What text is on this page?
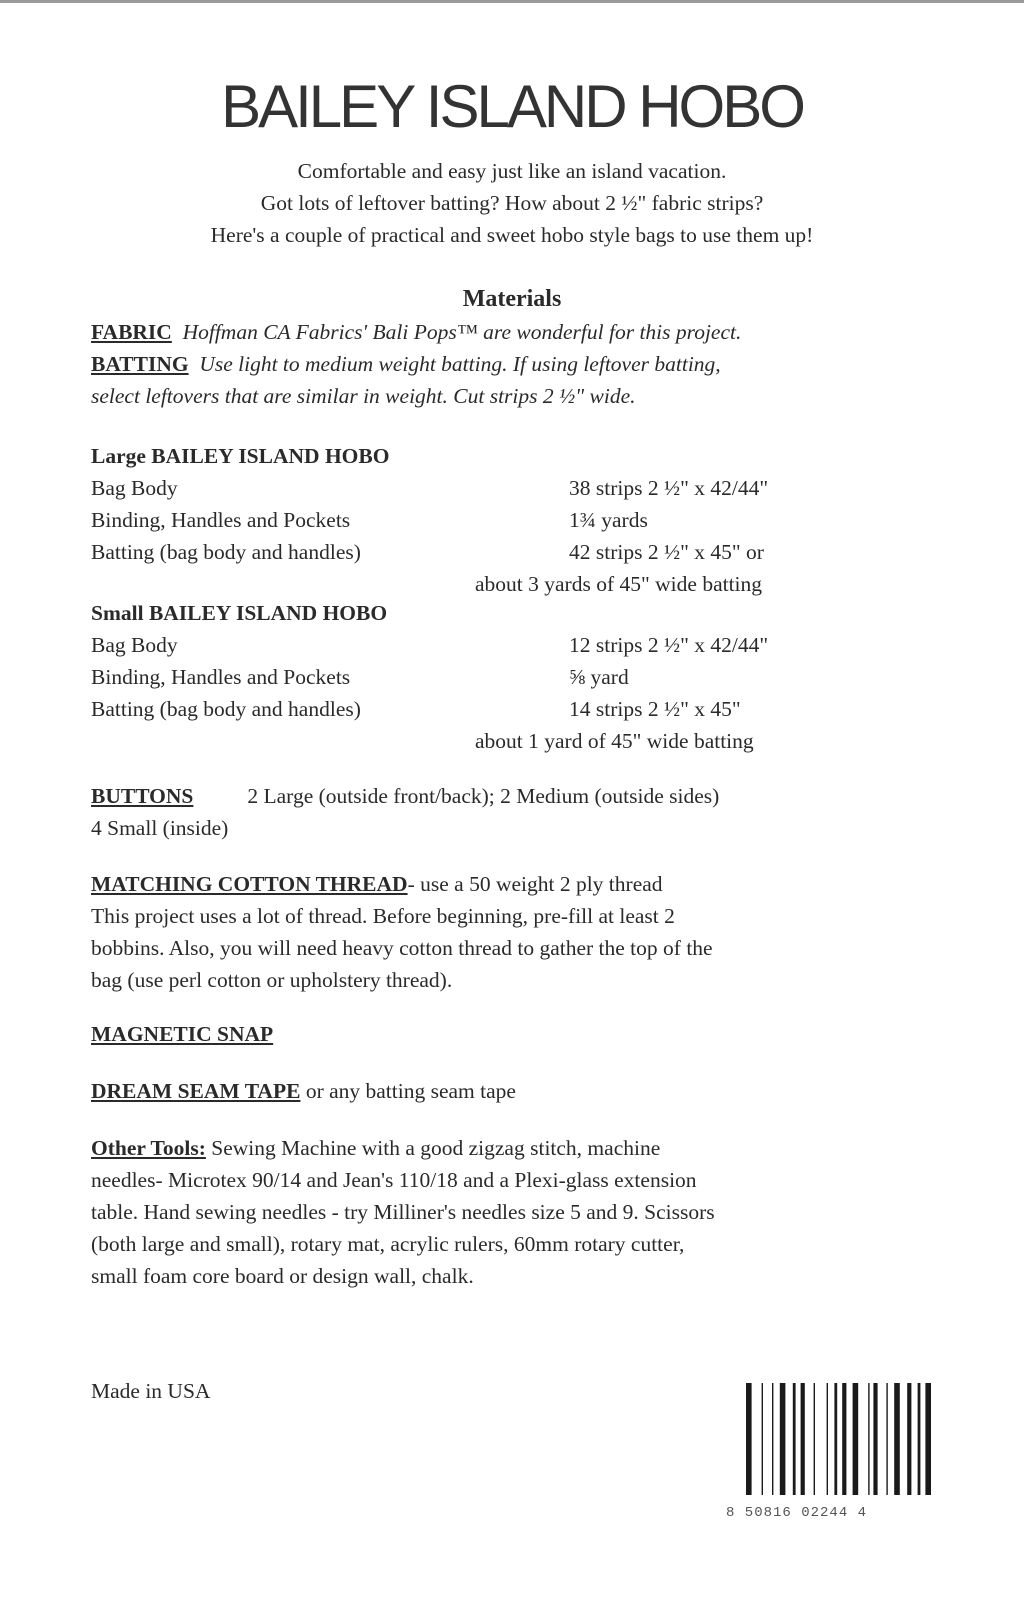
BAILEY ISLAND HOBO
Comfortable and easy just like an island vacation.
Got lots of leftover batting? How about 2 ½" fabric strips?
Here's a couple of practical and sweet hobo style bags to use them up!
Materials
FABRIC Hoffman CA Fabrics' Bali Pops™ are wonderful for this project.
BATTING Use light to medium weight batting. If using leftover batting,
select leftovers that are similar in weight. Cut strips 2 ½" wide.
Large BAILEY ISLAND HOBO
Bag Body	38 strips 2 ½" x 42/44"
Binding, Handles and Pockets	1¾ yards
Batting (bag body and handles)	42 strips 2 ½" x 45" or
about 3 yards of 45" wide batting
Small BAILEY ISLAND HOBO
Bag Body	12 strips 2 ½" x 42/44"
Binding, Handles and Pockets	⅝ yard
Batting (bag body and handles)	14 strips 2 ½" x 45"
about 1 yard of 45" wide batting
BUTTONS	2 Large (outside front/back); 2 Medium (outside sides)
4 Small (inside)
MATCHING COTTON THREAD- use a 50 weight 2 ply thread
This project uses a lot of thread. Before beginning, pre-fill at least 2
bobbins. Also, you will need heavy cotton thread to gather the top of the
bag (use perl cotton or upholstery thread).
MAGNETIC SNAP
DREAM SEAM TAPE or any batting seam tape
Other Tools: Sewing Machine with a good zigzag stitch, machine
needles- Microtex 90/14 and Jean's 110/18 and a Plexi-glass extension
table. Hand sewing needles - try Milliner's needles size 5 and 9. Scissors
(both large and small), rotary mat, acrylic rulers, 60mm rotary cutter,
small foam core board or design wall, chalk.
Made in USA
8 50816 02244 4
